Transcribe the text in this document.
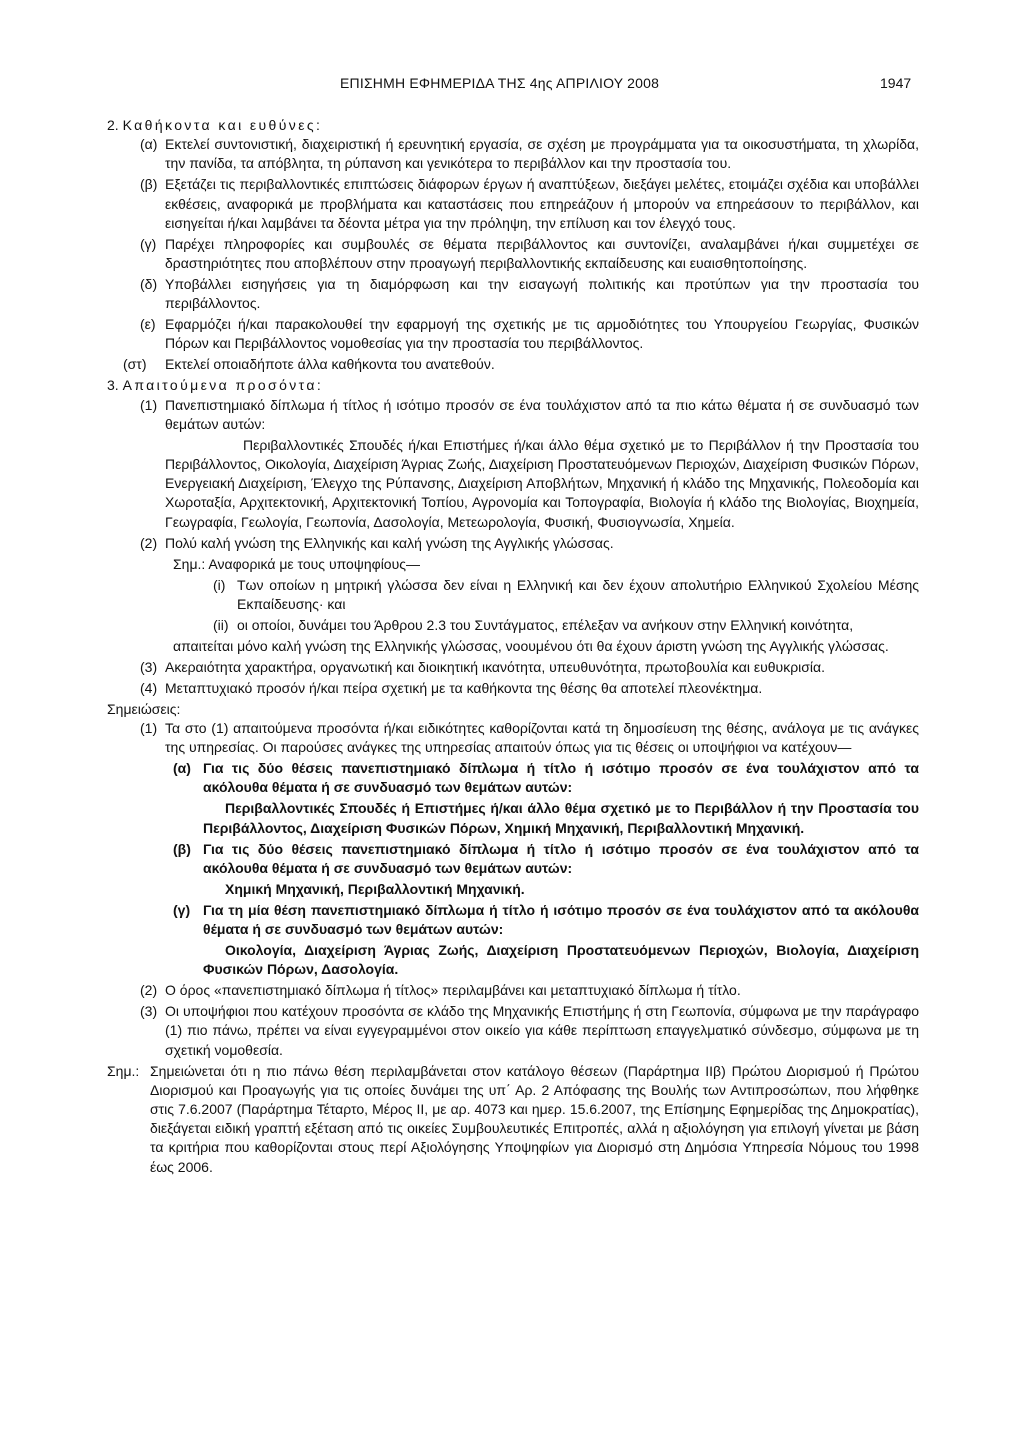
ΕΠΙΣΗΜΗ ΕΦΗΜΕΡΙΔΑ ΤΗΣ 4ης ΑΠΡΙΛΙΟΥ 2008	1947

2. Καθήκοντα και ευθύνες:

(α) Εκτελεί συντονιστική, διαχειριστική ή ερευνητική εργασία, σε σχέση με προγράμματα για τα οικοσυστήματα, τη χλωρίδα, την πανίδα, τα απόβλητα, τη ρύπανση και γενικότερα το περιβάλλον και την προστασία του.
(β) Εξετάζει τις περιβαλλοντικές επιπτώσεις διάφορων έργων ή αναπτύξεων, διεξάγει μελέτες, ετοιμάζει σχέδια και υποβάλλει εκθέσεις, αναφορικά με προβλήματα και καταστάσεις που επηρεάζουν ή μπορούν να επηρεάσουν το περιβάλλον, και εισηγείται ή/και λαμβάνει τα δέοντα μέτρα για την πρόληψη, την επίλυση και τον έλεγχό τους.
(γ) Παρέχει πληροφορίες και συμβουλές σε θέματα περιβάλλοντος και συντονίζει, αναλαμβάνει ή/και συμμετέχει σε δραστηριότητες που αποβλέπουν στην προαγωγή περιβαλλοντικής εκπαίδευσης και ευαισθητοποίησης.
(δ) Υποβάλλει εισηγήσεις για τη διαμόρφωση και την εισαγωγή πολιτικής και προτύπων για την προστασία του περιβάλλοντος.
(ε) Εφαρμόζει ή/και παρακολουθεί την εφαρμογή της σχετικής με τις αρμοδιότητες του Υπουργείου Γεωργίας, Φυσικών Πόρων και Περιβάλλοντος νομοθεσίας για την προστασία του περιβάλλοντος.
(στ) Εκτελεί οποιαδήποτε άλλα καθήκοντα του ανατεθούν.

3. Απαιτούμενα προσόντα:

(1) Πανεπιστημιακό δίπλωμα ή τίτλος ή ισότιμο προσόν σε ένα τουλάχιστον από τα πιο κάτω θέματα ή σε συνδυασμό των θεμάτων αυτών:

Περιβαλλοντικές Σπουδές ή/και Επιστήμες ή/και άλλο θέμα σχετικό με το Περιβάλλον ή την Προστασία του Περιβάλλοντος, Οικολογία, Διαχείριση Άγριας Ζωής, Διαχείριση Προστατευόμενων Περιοχών, Διαχείριση Φυσικών Πόρων, Ενεργειακή Διαχείριση, Έλεγχο της Ρύπανσης, Διαχείριση Αποβλήτων, Μηχανική ή κλάδο της Μηχανικής, Πολεοδομία και Χωροταξία, Αρχιτεκτονική, Αρχιτεκτονική Τοπίου, Αγρονομία και Τοπογραφία, Βιολογία ή κλάδο της Βιολογίας, Βιοχημεία, Γεωγραφία, Γεωλογία, Γεωπονία, Δασολογία, Μετεωρολογία, Φυσική, Φυσιογνωσία, Χημεία.

(2) Πολύ καλή γνώση της Ελληνικής και καλή γνώση της Αγγλικής γλώσσας.

Σημ.: Αναφορικά με τους υποψηφίους—

(i) Των οποίων η μητρική γλώσσα δεν είναι η Ελληνική και δεν έχουν απολυτήριο Ελληνικού Σχολείου Μέσης Εκπαίδευσης· και
(ii) οι οποίοι, δυνάμει του Άρθρου 2.3 του Συντάγματος, επέλεξαν να ανήκουν στην Ελληνική κοινότητα,

απαιτείται μόνο καλή γνώση της Ελληνικής γλώσσας, νοουμένου ότι θα έχουν άριστη γνώση της Αγγλικής γλώσσας.

(3) Ακεραιότητα χαρακτήρα, οργανωτική και διοικητική ικανότητα, υπευθυνότητα, πρωτοβουλία και ευθυκρισία.
(4) Μεταπτυχιακό προσόν ή/και πείρα σχετική με τα καθήκοντα της θέσης θα αποτελεί πλεονέκτημα.

Σημειώσεις:

(1) Τα στο (1) απαιτούμενα προσόντα ή/και ειδικότητες καθορίζονται κατά τη δημοσίευση της θέσης, ανάλογα με τις ανάγκες της υπηρεσίας. Οι παρούσες ανάγκες της υπηρεσίας απαιτούν όπως για τις θέσεις οι υποψήφιοι να κατέχουν—
(α) Για τις δύο θέσεις πανεπιστημιακό δίπλωμα ή τίτλο ή ισότιμο προσόν σε ένα τουλάχιστον από τα ακόλουθα θέματα ή σε συνδυασμό των θεμάτων αυτών:

Περιβαλλοντικές Σπουδές ή Επιστήμες ή/και άλλο θέμα σχετικό με το Περιβάλλον ή την Προστασία του Περιβάλλοντος, Διαχείριση Φυσικών Πόρων, Χημική Μηχανική, Περιβαλλοντική Μηχανική.

(β) Για τις δύο θέσεις πανεπιστημιακό δίπλωμα ή τίτλο ή ισότιμο προσόν σε ένα τουλάχιστον από τα ακόλουθα θέματα ή σε συνδυασμό των θεμάτων αυτών:

Χημική Μηχανική, Περιβαλλοντική Μηχανική.

(γ) Για τη μία θέση πανεπιστημιακό δίπλωμα ή τίτλο ή ισότιμο προσόν σε ένα τουλάχιστον από τα ακόλουθα θέματα ή σε συνδυασμό των θεμάτων αυτών:

Οικολογία, Διαχείριση Άγριας Ζωής, Διαχείριση Προστατευόμενων Περιοχών, Βιολογία, Διαχείριση Φυσικών Πόρων, Δασολογία.

(2) Ο όρος «πανεπιστημιακό δίπλωμα ή τίτλος» περιλαμβάνει και μεταπτυχιακό δίπλωμα ή τίτλο.
(3) Οι υποψήφιοι που κατέχουν προσόντα σε κλάδο της Μηχανικής Επιστήμης ή στη Γεωπονία, σύμφωνα με την παράγραφο (1) πιο πάνω, πρέπει να είναι εγγεγραμμένοι στον οικείο για κάθε περίπτωση επαγγελματικό σύνδεσμο, σύμφωνα με τη σχετική νομοθεσία.
Σημ.: Σημειώνεται ότι η πιο πάνω θέση περιλαμβάνεται στον κατάλογο θέσεων (Παράρτημα ΙΙβ) Πρώτου Διορισμού ή Πρώτου Διορισμού και Προαγωγής για τις οποίες δυνάμει της υπ΄ Αρ. 2 Απόφασης της Βουλής των Αντιπροσώπων, που λήφθηκε στις 7.6.2007 (Παράρτημα Τέταρτο, Μέρος ΙΙ, με αρ. 4073 και ημερ. 15.6.2007, της Επίσημης Εφημερίδας της Δημοκρατίας), διεξάγεται ειδική γραπτή εξέταση από τις οικείες Συμβουλευτικές Επιτροπές, αλλά η αξιολόγηση για επιλογή γίνεται με βάση τα κριτήρια που καθορίζονται στους περί Αξιολόγησης Υποψηφίων για Διορισμό στη Δημόσια Υπηρεσία Νόμους του 1998 έως 2006.
